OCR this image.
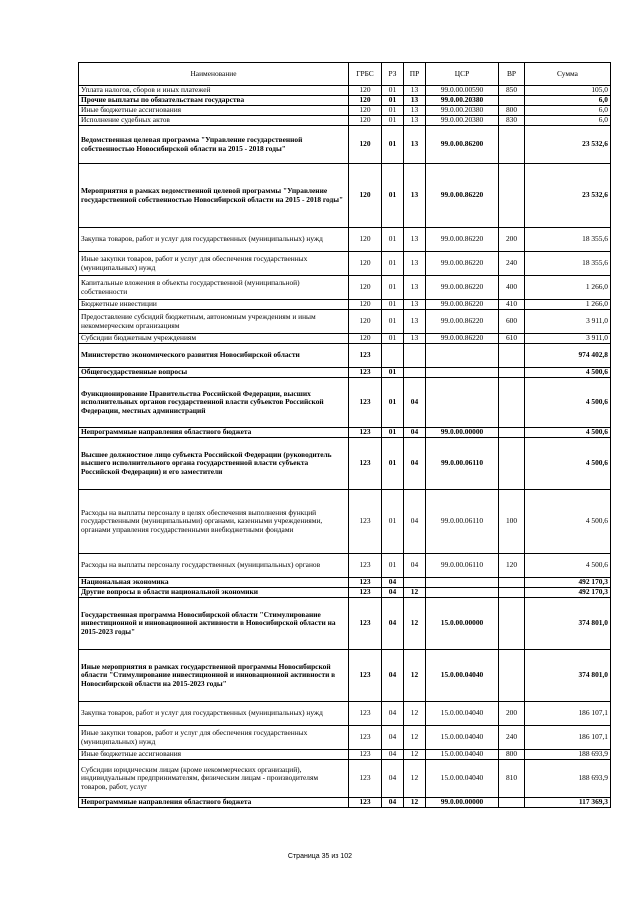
Наименование	ГРБС	РЗ	ПР	ЦСР	ВР	Сумма
Уплата налогов, сборов и иных платежей	120	01	13	99.0.00.00590	850	105,0
Прочие выплаты по обязательствам государства	120	01	13	99.0.00.20380		6,0
Иные бюджетные ассигнования	120	01	13	99.0.00.20380	800	6,0
Исполнение судебных актов	120	01	13	99.0.00.20380	830	6,0
Ведомственная целевая программа "Управление государственной собственностью Новосибирской области на 2015 - 2018 годы"	120	01	13	99.0.00.86200		23 532,6
Мероприятия в рамках ведомственной целевой программы "Управление государственной собственностью Новосибирской области на 2015 - 2018 годы"	120	01	13	99.0.00.86220		23 532,6
Закупка товаров, работ и услуг для государственных (муниципальных) нужд	120	01	13	99.0.00.86220	200	18 355,6
Иные закупки товаров, работ и услуг для обеспечения государственных (муниципальных) нужд	120	01	13	99.0.00.86220	240	18 355,6
Капитальные вложения в объекты государственной (муниципальной) собственности	120	01	13	99.0.00.86220	400	1 266,0
Бюджетные инвестиции	120	01	13	99.0.00.86220	410	1 266,0
Предоставление субсидий бюджетным, автономным учреждениям и иным некоммерческим организациям	120	01	13	99.0.00.86220	600	3 911,0
Субсидии бюджетным учреждениям	120	01	13	99.0.00.86220	610	3 911,0
Министерство экономического развития Новосибирской области	123					974 402,8
Общегосударственные вопросы	123	01				4 500,6
Функционирование Правительства Российской Федерации, высших исполнительных органов государственной власти субъектов Российской Федерации, местных администраций	123	01	04			4 500,6
Непрограммные направления областного бюджета	123	01	04	99.0.00.00000		4 500,6
Высшее должностное лицо субъекта Российской Федерации (руководитель высшего исполнительного органа государственной власти субъекта Российской Федерации) и его заместители	123	01	04	99.0.00.06110		4 500,6
Расходы на выплаты персоналу в целях обеспечения выполнения функций государственными (муниципальными) органами, казенными учреждениями, органами управления государственными внебюджетными фондами	123	01	04	99.0.00.06110	100	4 500,6
Расходы на выплаты персоналу государственных (муниципальных) органов	123	01	04	99.0.00.06110	120	4 500,6
Национальная экономика	123	04				492 170,3
Другие вопросы в области национальной экономики	123	04	12			492 170,3
Государственная программа Новосибирской области "Стимулирование инвестиционной и инновационной активности в Новосибирской области на 2015-2023 годы"	123	04	12	15.0.00.00000		374 801,0
Иные мероприятия в рамках государственной программы Новосибирской области "Стимулирование инвестиционной и инновационной активности в Новосибирской области на 2015-2023 годы"	123	04	12	15.0.00.04040		374 801,0
Закупка товаров, работ и услуг для государственных (муниципальных) нужд	123	04	12	15.0.00.04040	200	186 107,1
Иные закупки товаров, работ и услуг для обеспечения государственных (муниципальных) нужд	123	04	12	15.0.00.04040	240	186 107,1
Иные бюджетные ассигнования	123	04	12	15.0.00.04040	800	188 693,9
Субсидии юридическим лицам (кроме некоммерческих организаций), индивидуальным предпринимателям, физическим лицам - производителям товаров, работ, услуг	123	04	12	15.0.00.04040	810	188 693,9
Непрограммные направления областного бюджета	123	04	12	99.0.00.00000		117 369,3
Страница 35 из 102
